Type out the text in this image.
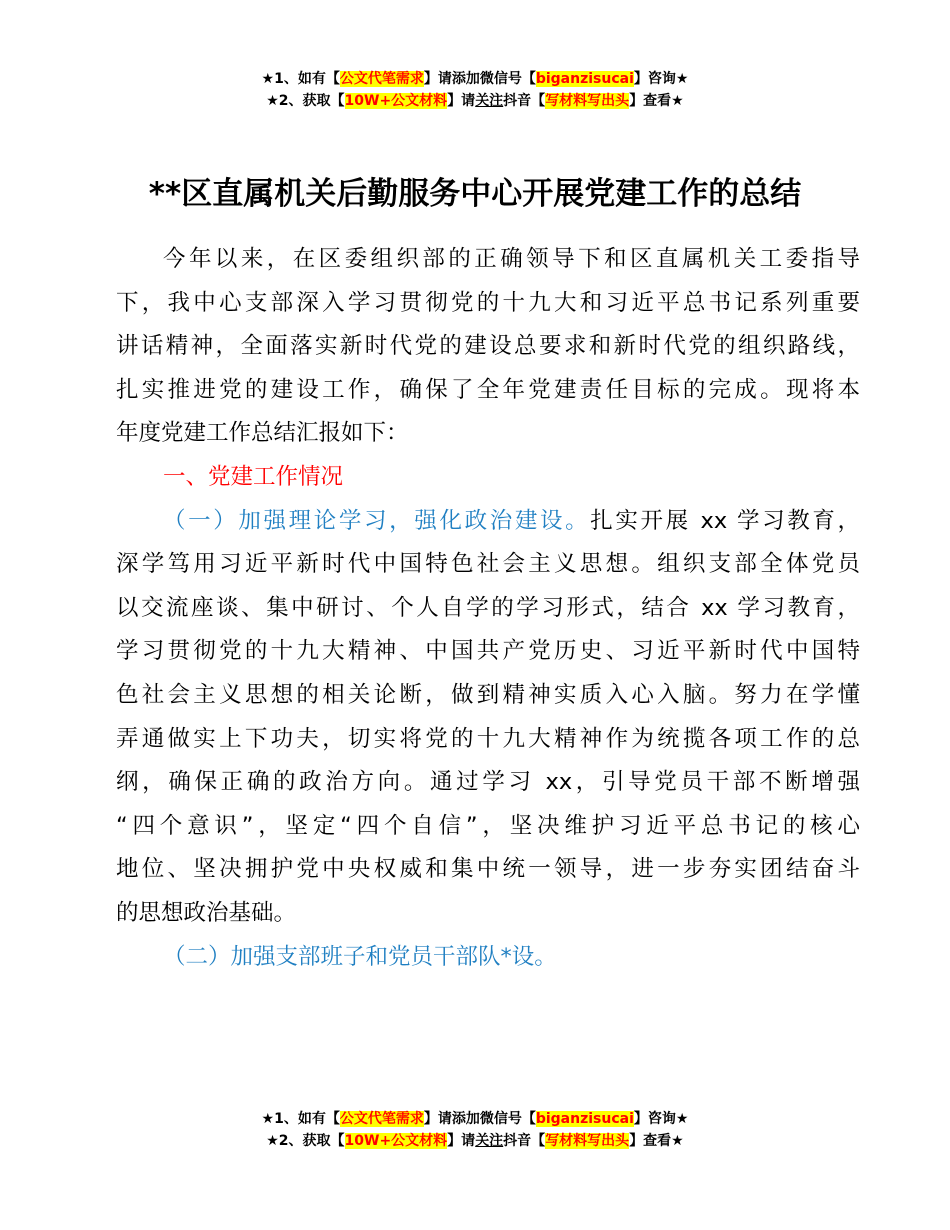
★1、如有【公文代笔需求】请添加微信号【biganzisucai】咨询★
★2、获取【10W+公文材料】请关注抖音【写材料写出头】查看★
**区直属机关后勤服务中心开展党建工作的总结
今年以来，在区委组织部的正确领导下和区直属机关工委指导
下，我中心支部深入学习贯彻党的十九大和习近平总书记系列重要
讲话精神，全面落实新时代党的建设总要求和新时代党的组织路线，
扎实推进党的建设工作，确保了全年党建责任目标的完成。现将本
年度党建工作总结汇报如下：
一、党建工作情况
（一）加强理论学习，强化政治建设。扎实开展 xx 学习教育，
深学笃用习近平新时代中国特色社会主义思想。组织支部全体党员
以交流座谈、集中研讨、个人自学的学习形式，结合 xx 学习教育，
学习贯彻党的十九大精神、中国共产党历史、习近平新时代中国特
色社会主义思想的相关论断，做到精神实质入心入脑。努力在学懂
弄通做实上下功夫，切实将党的十九大精神作为统揽各项工作的总
纲，确保正确的政治方向。通过学习 xx，引导党员干部不断增强
“四个意识”，坚定“四个自信”，坚决维护习近平总书记的核心
地位、坚决拥护党中央权威和集中统一领导，进一步夯实团结奋斗
的思想政治基础。
（二）加强支部班子和党员干部队*设。
★1、如有【公文代笔需求】请添加微信号【biganzisucai】咨询★
★2、获取【10W+公文材料】请关注抖音【写材料写出头】查看★
